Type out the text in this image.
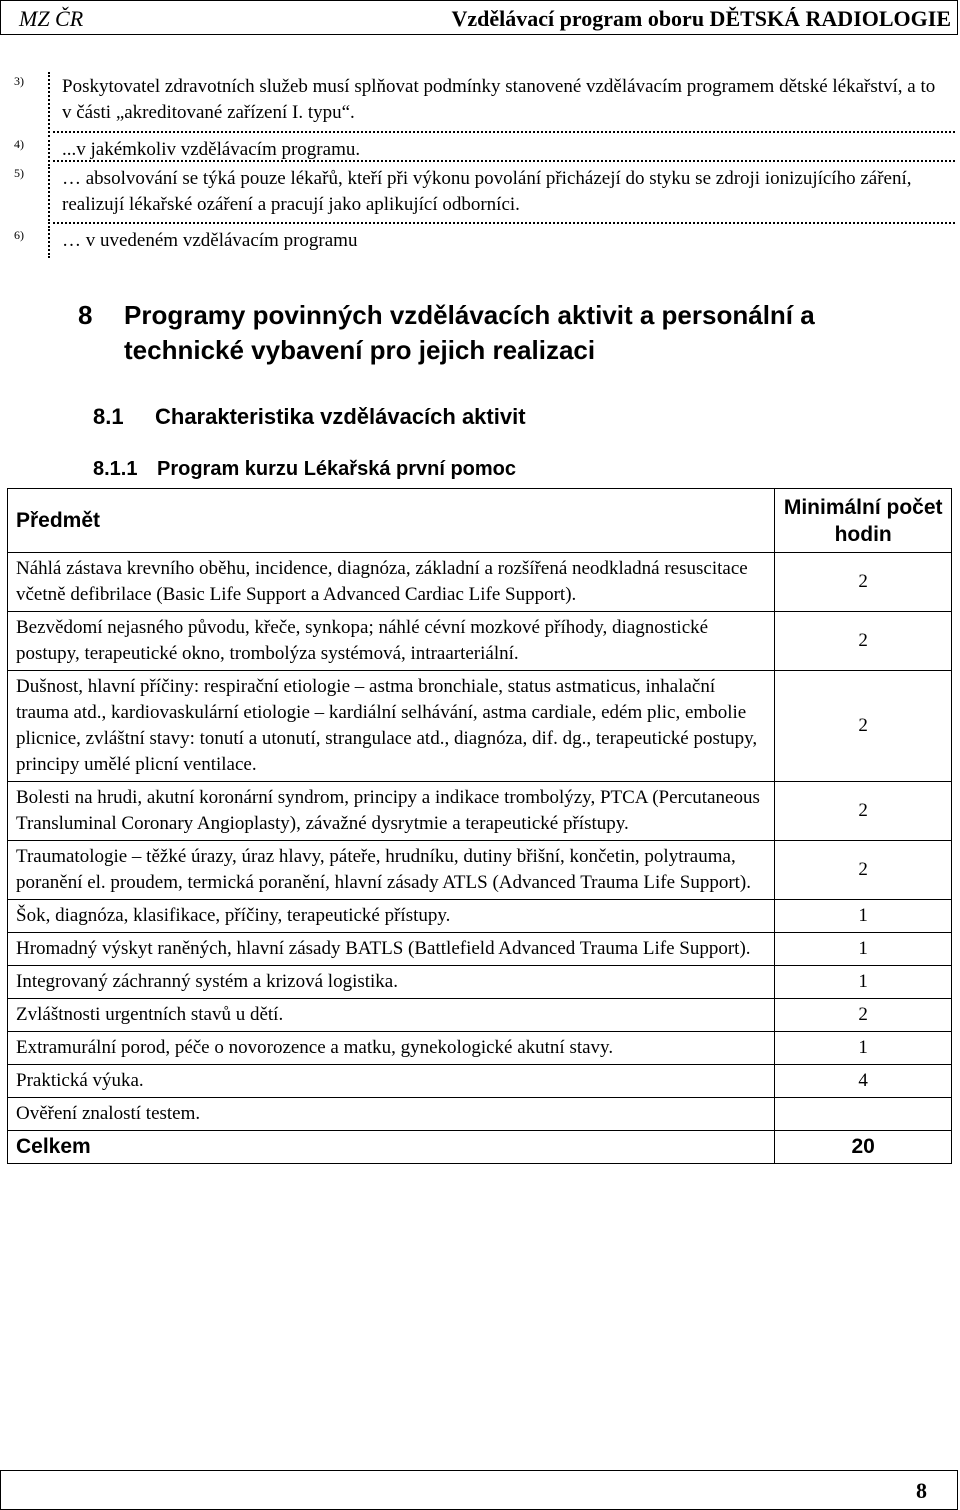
MZ ČR	Vzdělávací program oboru DĚTSKÁ RADIOLOGIE
3) Poskytovatel zdravotních služeb musí splňovat podmínky stanovené vzdělávacím programem dětské lékařství, a to v části „akreditované zařízení I. typu“.
4) ...v jakémkoliv vzdělávacím programu.
5) … absolvování se týká pouze lékařů, kteří při výkonu povolání přicházejí do styku se zdroji ionizujícího záření, realizují lékařské ozáření a pracují jako aplikující odborníci.
6) … v uvedeném vzdělávacím programu
8 Programy povinných vzdělávacích aktivit a personální a technické vybavení pro jejich realizaci
8.1 Charakteristika vzdělávacích aktivit
8.1.1 Program kurzu Lékařská první pomoc
Předmět	Minimální počet hodin
Náhlá zástava krevního oběhu, incidence, diagnóza, základní a rozšířená neodkladná resuscitace včetně defibrilace (Basic Life Support a Advanced Cardiac Life Support).	2
Bezvědomí nejasného původu, křeče, synkopa; náhlé cévní mozkové příhody, diagnostické postupy, terapeutické okno, trombolýza systémová, intraarteriální.	2
Dušnost, hlavní příčiny: respirační etiologie – astma bronchiale, status astmaticus, inhalační trauma atd., kardiovaskulární etiologie – kardiální selhávání, astma cardiale, edém plic, embolie plicnice, zvláštní stavy: tonutí a utonutí, strangulace atd., diagnóza, dif. dg., terapeutické postupy, principy umělé plicní ventilace.	2
Bolesti na hrudi, akutní koronární syndrom, principy a indikace trombolýzy, PTCA (Percutaneous Transluminal Coronary Angioplasty), závažné dysrytmie a terapeutické přístupy.	2
Traumatologie – těžké úrazy, úraz hlavy, páteře, hrudníku, dutiny břišní, končetin, polytrauma, poranění el. proudem, termická poranění, hlavní zásady ATLS (Advanced Trauma Life Support).	2
Šok, diagnóza, klasifikace, příčiny, terapeutické přístupy.	1
Hromadný výskyt raněných, hlavní zásady BATLS (Battlefield Advanced Trauma Life Support).	1
Integrovaný záchranný systém a krizová logistika.	1
Zvláštnosti urgentních stavů u dětí.	2
Extramurální porod, péče o novorozence a matku, gynekologické akutní stavy.	1
Praktická výuka.	4
Ověření znalostí testem.	
Celkem	20
8
